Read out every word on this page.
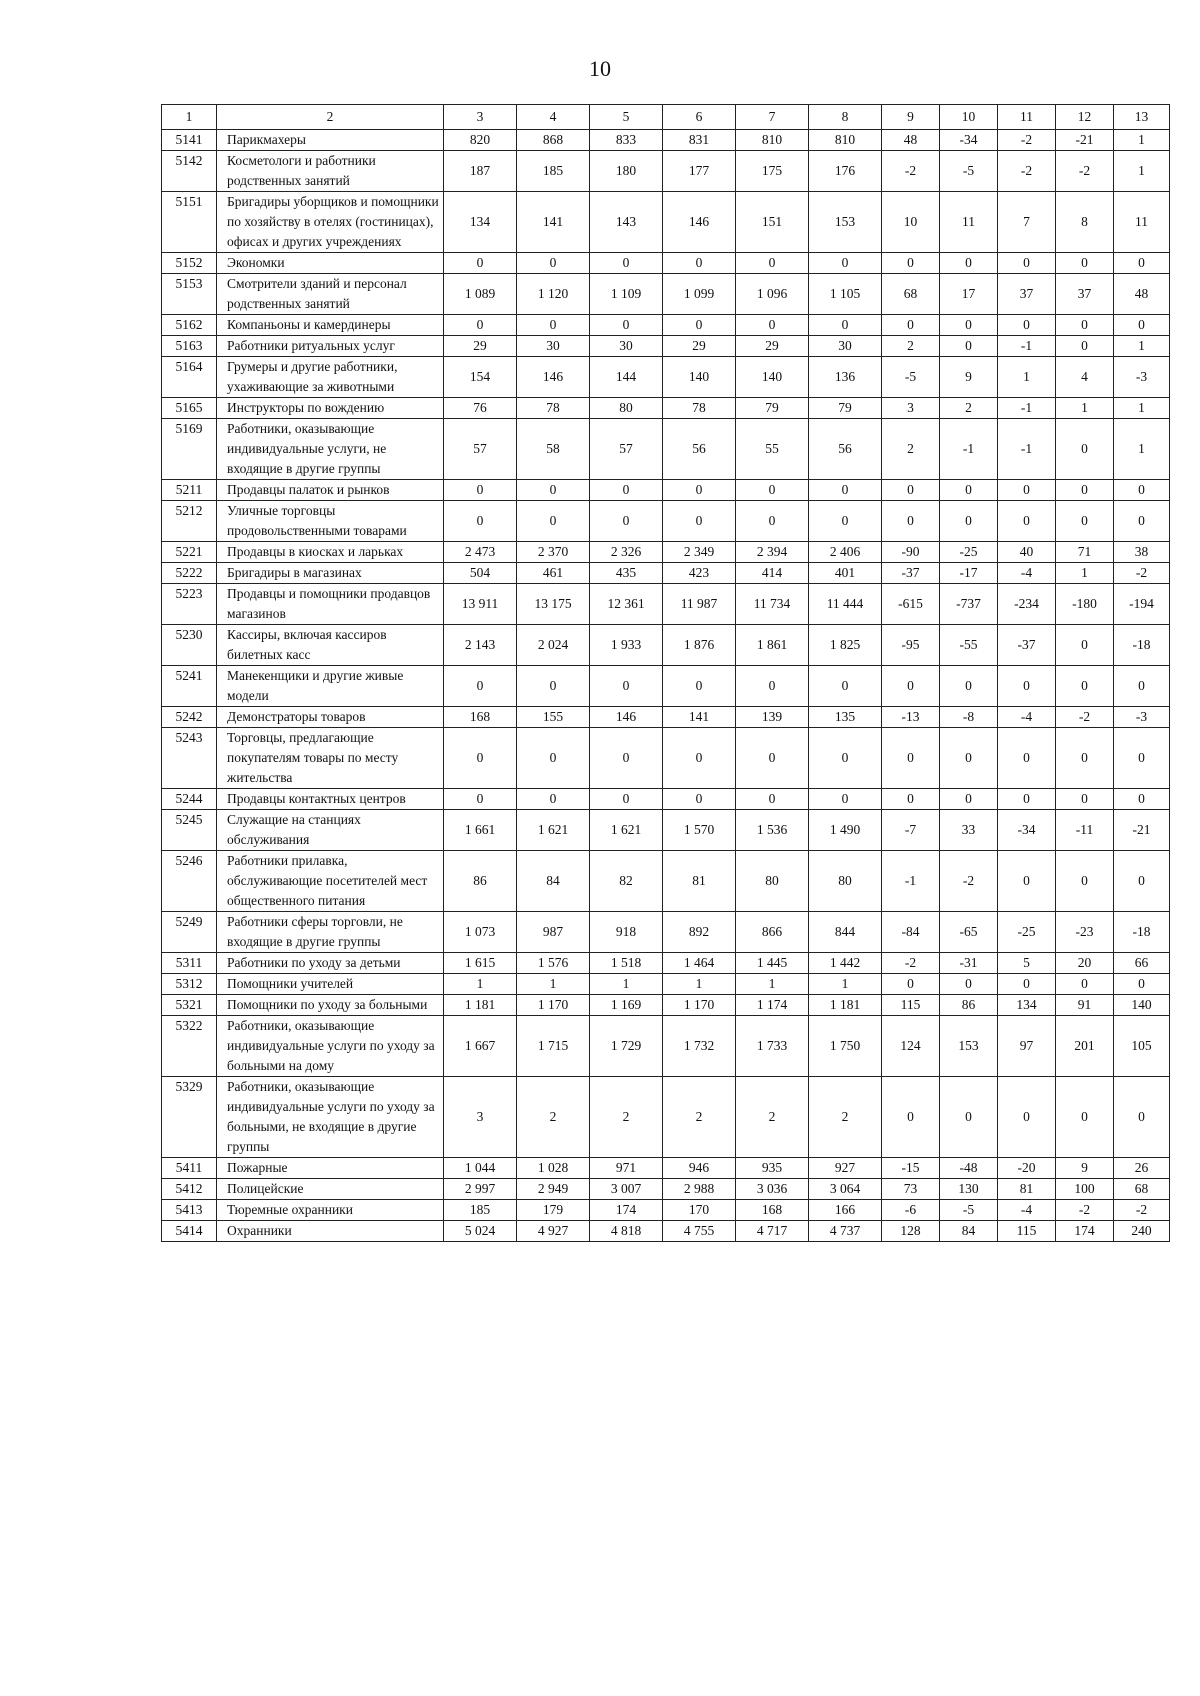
10
1	2	3	4	5	6	7	8	9	10	11	12	13
5141	Парикмахеры	820	868	833	831	810	810	48	-34	-2	-21	1
5142	Косметологи и работники родственных занятий	187	185	180	177	175	176	-2	-5	-2	-2	1
5151	Бригадиры уборщиков и помощники по хозяйству в отелях (гостиницах), офисах и других учреждениях	134	141	143	146	151	153	10	11	7	8	11
5152	Экономки	0	0	0	0	0	0	0	0	0	0	0
5153	Смотрители зданий и персонал родственных занятий	1 089	1 120	1 109	1 099	1 096	1 105	68	17	37	37	48
5162	Компаньоны и камердинеры	0	0	0	0	0	0	0	0	0	0	0
5163	Работники ритуальных услуг	29	30	30	29	29	30	2	0	-1	0	1
5164	Грумеры и другие работники, ухаживающие за животными	154	146	144	140	140	136	-5	9	1	4	-3
5165	Инструкторы по вождению	76	78	80	78	79	79	3	2	-1	1	1
5169	Работники, оказывающие индивидуальные услуги, не входящие в другие группы	57	58	57	56	55	56	2	-1	-1	0	1
5211	Продавцы палаток и рынков	0	0	0	0	0	0	0	0	0	0	0
5212	Уличные торговцы продовольственными товарами	0	0	0	0	0	0	0	0	0	0	0
5221	Продавцы в киосках и ларьках	2 473	2 370	2 326	2 349	2 394	2 406	-90	-25	40	71	38
5222	Бригадиры в магазинах	504	461	435	423	414	401	-37	-17	-4	1	-2
5223	Продавцы и помощники продавцов магазинов	13 911	13 175	12 361	11 987	11 734	11 444	-615	-737	-234	-180	-194
5230	Кассиры, включая кассиров билетных касс	2 143	2 024	1 933	1 876	1 861	1 825	-95	-55	-37	0	-18
5241	Манекенщики и другие живые модели	0	0	0	0	0	0	0	0	0	0	0
5242	Демонстраторы товаров	168	155	146	141	139	135	-13	-8	-4	-2	-3
5243	Торговцы, предлагающие покупателям товары по месту жительства	0	0	0	0	0	0	0	0	0	0	0
5244	Продавцы контактных центров	0	0	0	0	0	0	0	0	0	0	0
5245	Служащие на станциях обслуживания	1 661	1 621	1 621	1 570	1 536	1 490	-7	33	-34	-11	-21
5246	Работники прилавка, обслуживающие посетителей мест общественного питания	86	84	82	81	80	80	-1	-2	0	0	0
5249	Работники сферы торговли, не входящие в другие группы	1 073	987	918	892	866	844	-84	-65	-25	-23	-18
5311	Работники по уходу за детьми	1 615	1 576	1 518	1 464	1 445	1 442	-2	-31	5	20	66
5312	Помощники учителей	1	1	1	1	1	1	0	0	0	0	0
5321	Помощники по уходу за больными	1 181	1 170	1 169	1 170	1 174	1 181	115	86	134	91	140
5322	Работники, оказывающие индивидуальные услуги по уходу за больными на дому	1 667	1 715	1 729	1 732	1 733	1 750	124	153	97	201	105
5329	Работники, оказывающие индивидуальные услуги по уходу за больными, не входящие в другие группы	3	2	2	2	2	2	0	0	0	0	0
5411	Пожарные	1 044	1 028	971	946	935	927	-15	-48	-20	9	26
5412	Полицейские	2 997	2 949	3 007	2 988	3 036	3 064	73	130	81	100	68
5413	Тюремные охранники	185	179	174	170	168	166	-6	-5	-4	-2	-2
5414	Охранники	5 024	4 927	4 818	4 755	4 717	4 737	128	84	115	174	240
